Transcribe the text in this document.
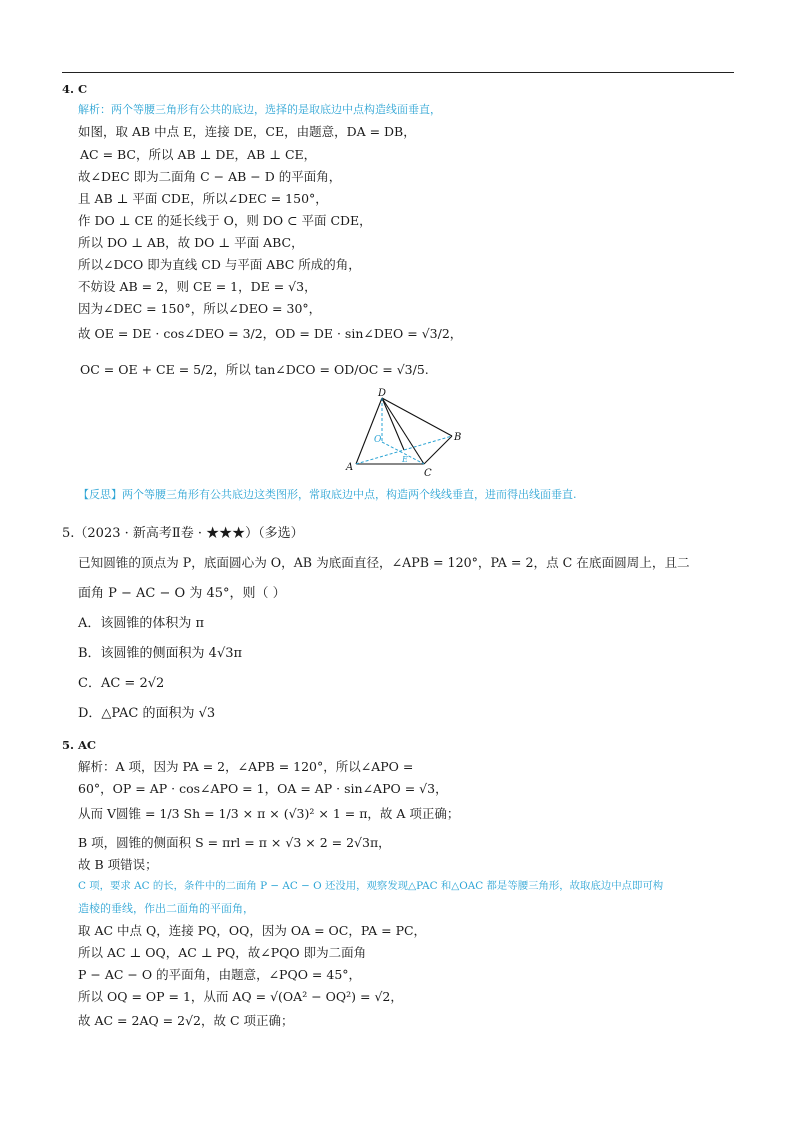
4. C
解析：两个等腰三角形有公共的底边，选择的是取底边中点构造线面垂直，
如图，取 AB 中点 E，连接 DE，CE，由题意，DA = DB，
AC = BC，所以 AB ⊥ DE，AB ⊥ CE，
故∠DEC 即为二面角 C − AB − D 的平面角，
且 AB ⊥ 平面 CDE，所以∠DEC = 150°，
作 DO ⊥ CE 的延长线于 O，则 DO ⊂ 平面 CDE，
所以 DO ⊥ AB，故 DO ⊥ 平面 ABC，
所以∠DCO 即为直线 CD 与平面 ABC 所成的角，
不妨设 AB = 2，则 CE = 1，DE = √3，
因为∠DEC = 150°，所以∠DEO = 30°，
故 OE = DE · cos∠DEO = 3/2，OD = DE · sin∠DEO = √3/2，
OC = OE + CE = 5/2，所以 tan∠DCO = OD/OC = √3/5.
D
O	B
A
E
C
【反思】两个等腰三角形有公共底边这类图形，常取底边中点，构造两个线线垂直，进而得出线面垂直.
5.（2023 · 新高考Ⅱ卷 · ★★★）（多选）
已知圆锥的顶点为 P，底面圆心为 O，AB 为底面直径，∠APB = 120°，PA = 2，点 C 在底面圆周上，且二
面角 P − AC − O 为 45°，则（ ）
A．该圆锥的体积为 π
B．该圆锥的侧面积为 4√3π
C．AC = 2√2
D．△PAC 的面积为 √3
5. AC
解析：A 项，因为 PA = 2，∠APB = 120°，所以∠APO =
60°，OP = AP · cos∠APO = 1，OA = AP · sin∠APO = √3，
从而 V圆锥 = 1/3 Sh = 1/3 × π × (√3)² × 1 = π，故 A 项正确；
B 项，圆锥的侧面积 S = πrl = π × √3 × 2 = 2√3π，
故 B 项错误；
C 项，要求 AC 的长，条件中的二面角 P − AC − O 还没用，观察发现△PAC 和△OAC 都是等腰三角形，故取底边中点即可构
造棱的垂线，作出二面角的平面角，
取 AC 中点 Q，连接 PQ，OQ，因为 OA = OC，PA = PC，
所以 AC ⊥ OQ，AC ⊥ PQ，故∠PQO 即为二面角
P − AC − O 的平面角，由题意，∠PQO = 45°，
所以 OQ = OP = 1，从而 AQ = √(OA² − OQ²) = √2，
故 AC = 2AQ = 2√2，故 C 项正确；
